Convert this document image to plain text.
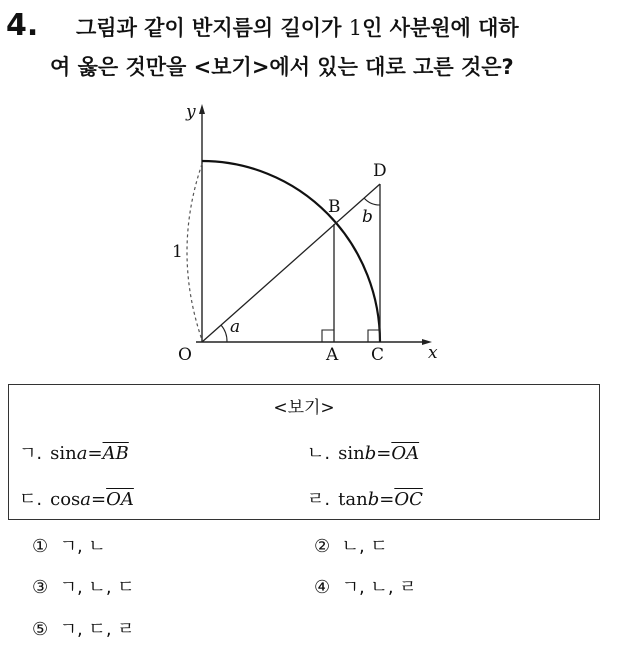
4. 그림과 같이 반지름의 길이가 1인 사분원에 대하
여 옳은 것만을 <보기>에서 있는 대로 고른 것은?
y
x
O	A
B
C
D
1
a
b
<보기>
ㄱ. $\sin a=\overline{AB}$	ㄴ. $\sin b=\overline{OA}$
ㄷ. $\cos a=\overline{OA}$	ㄹ. $\tan b=\overline{OC}$
① ㄱ, ㄴ	② ㄴ, ㄷ
③ ㄱ, ㄴ, ㄷ	④ ㄱ, ㄴ, ㄹ
⑤ ㄱ, ㄷ, ㄹ
